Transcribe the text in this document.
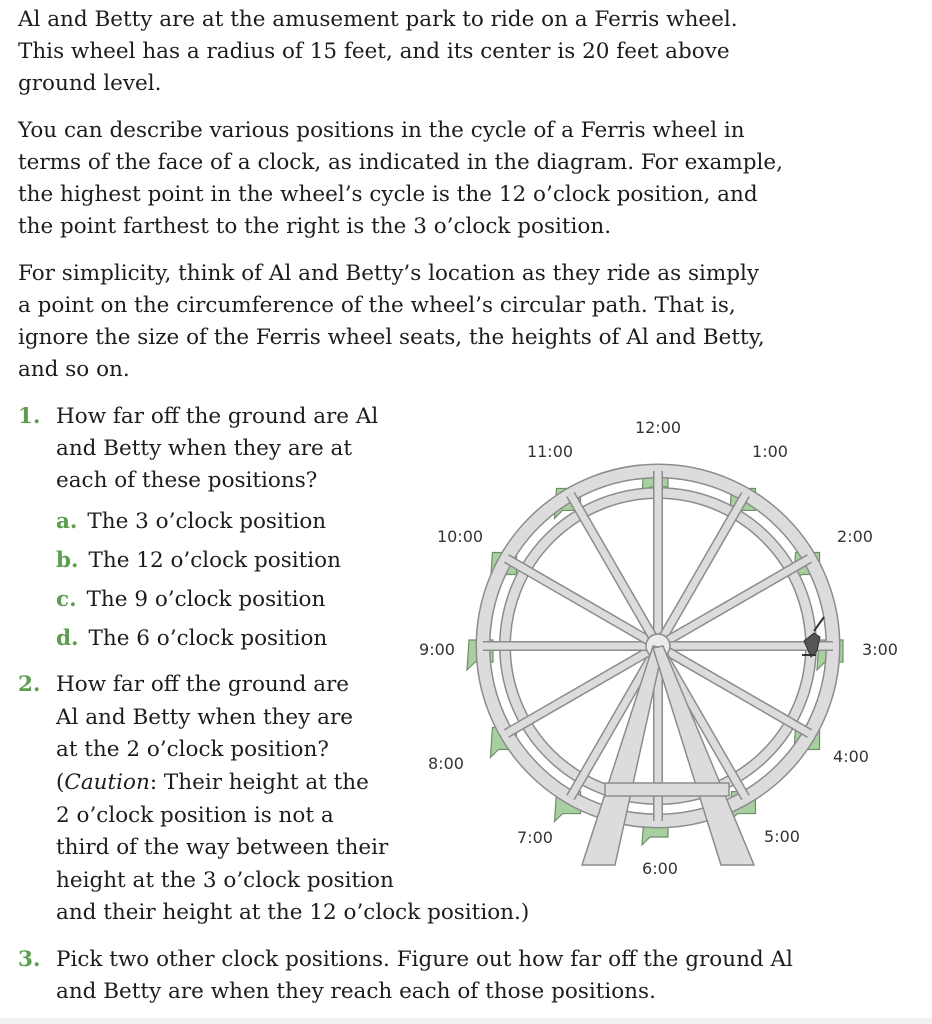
Al and Betty are at the amusement park to ride on a Ferris wheel. This wheel has a radius of 15 feet, and its center is 20 feet above ground level.

You can describe various positions in the cycle of a Ferris wheel in terms of the face of a clock, as indicated in the diagram. For example, the highest point in the wheel’s cycle is the 12 o’clock position, and the point farthest to the right is the 3 o’clock position.

For simplicity, think of Al and Betty’s location as they ride as simply a point on the circumference of the wheel’s circular path. That is, ignore the size of the Ferris wheel seats, the heights of Al and Betty, and so on.

1. How far off the ground are Al and Betty when they are at each of these positions?

a. The 3 o’clock position
b. The 12 o’clock position
c. The 9 o’clock position
d. The 6 o’clock position
2. How far off the ground are
Al and Betty when they are
at the 2 o’clock position?
(Caution: Their height at the
2 o’clock position is not a
third of the way between their
height at the 3 o’clock position
and their height at the 12 o’clock position.)
3. Pick two other clock positions. Figure out how far off the ground Al and Betty are when they reach each of those positions.

12:00
1:00
2:00
3:00
4:00
5:00
6:00
7:00
8:00
9:00
10:00
11:00
